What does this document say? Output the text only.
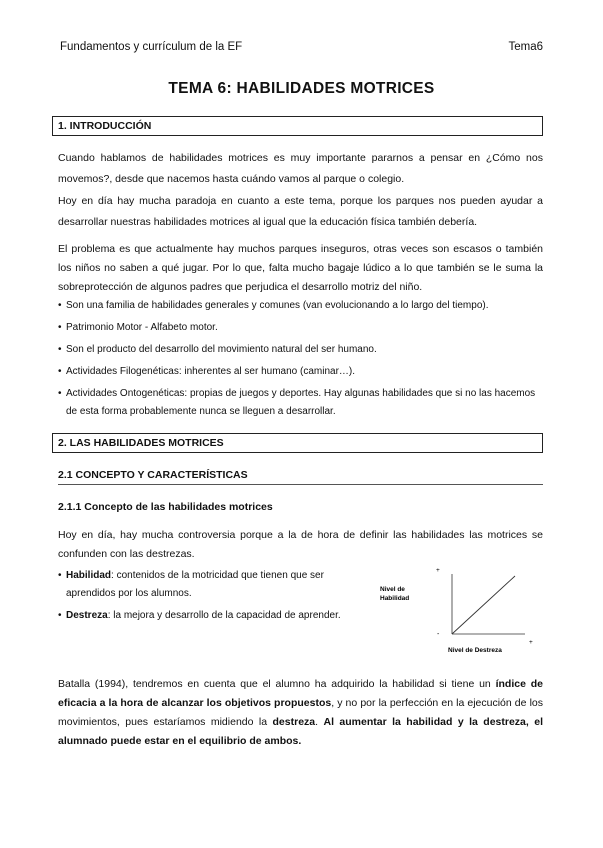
Fundamentos y currículum de la EF	Tema6
TEMA 6: HABILIDADES MOTRICES
1. INTRODUCCIÓN
Cuando hablamos de habilidades motrices es muy importante pararnos a pensar en ¿Cómo nos movemos?, desde que nacemos hasta cuándo vamos al parque o colegio.
Hoy en día hay mucha paradoja en cuanto a este tema, porque los parques nos pueden ayudar a desarrollar nuestras habilidades motrices al igual que la educación física también debería.
El problema es que actualmente hay muchos parques inseguros, otras veces son escasos o también los niños no saben a qué jugar. Por lo que, falta mucho bagaje lúdico a lo que también se le suma la sobreprotección de algunos padres que perjudica el desarrollo motriz del niño.
• Son una familia de habilidades generales y comunes (van evolucionando a lo largo del tiempo).
• Patrimonio Motor - Alfabeto motor.
• Son el producto del desarrollo del movimiento natural del ser humano.
• Actividades Filogenéticas: inherentes al ser humano (caminar…).
• Actividades Ontogenéticas: propias de juegos y deportes. Hay algunas habilidades que si no las hacemos de esta forma probablemente nunca se lleguen a desarrollar.
2. LAS HABILIDADES MOTRICES
2.1 CONCEPTO Y CARACTERÍSTICAS
2.1.1 Concepto de las habilidades motrices
Hoy en día, hay mucha controversia porque a la de hora de definir las habilidades las motrices se confunden con las destrezas.
• Habilidad: contenidos de la motricidad que tienen que ser aprendidos por los alumnos.
• Destreza: la mejora y desarrollo de la capacidad de aprender.
Nivel de Habilidad
+
-
+
Nivel de Destreza
Batalla (1994), tendremos en cuenta que el alumno ha adquirido la habilidad si tiene un índice de eficacia a la hora de alcanzar los objetivos propuestos, y no por la perfección en la ejecución de los movimientos, pues estaríamos midiendo la destreza. Al aumentar la habilidad y la destreza, el alumnado puede estar en el equilibrio de ambos.
